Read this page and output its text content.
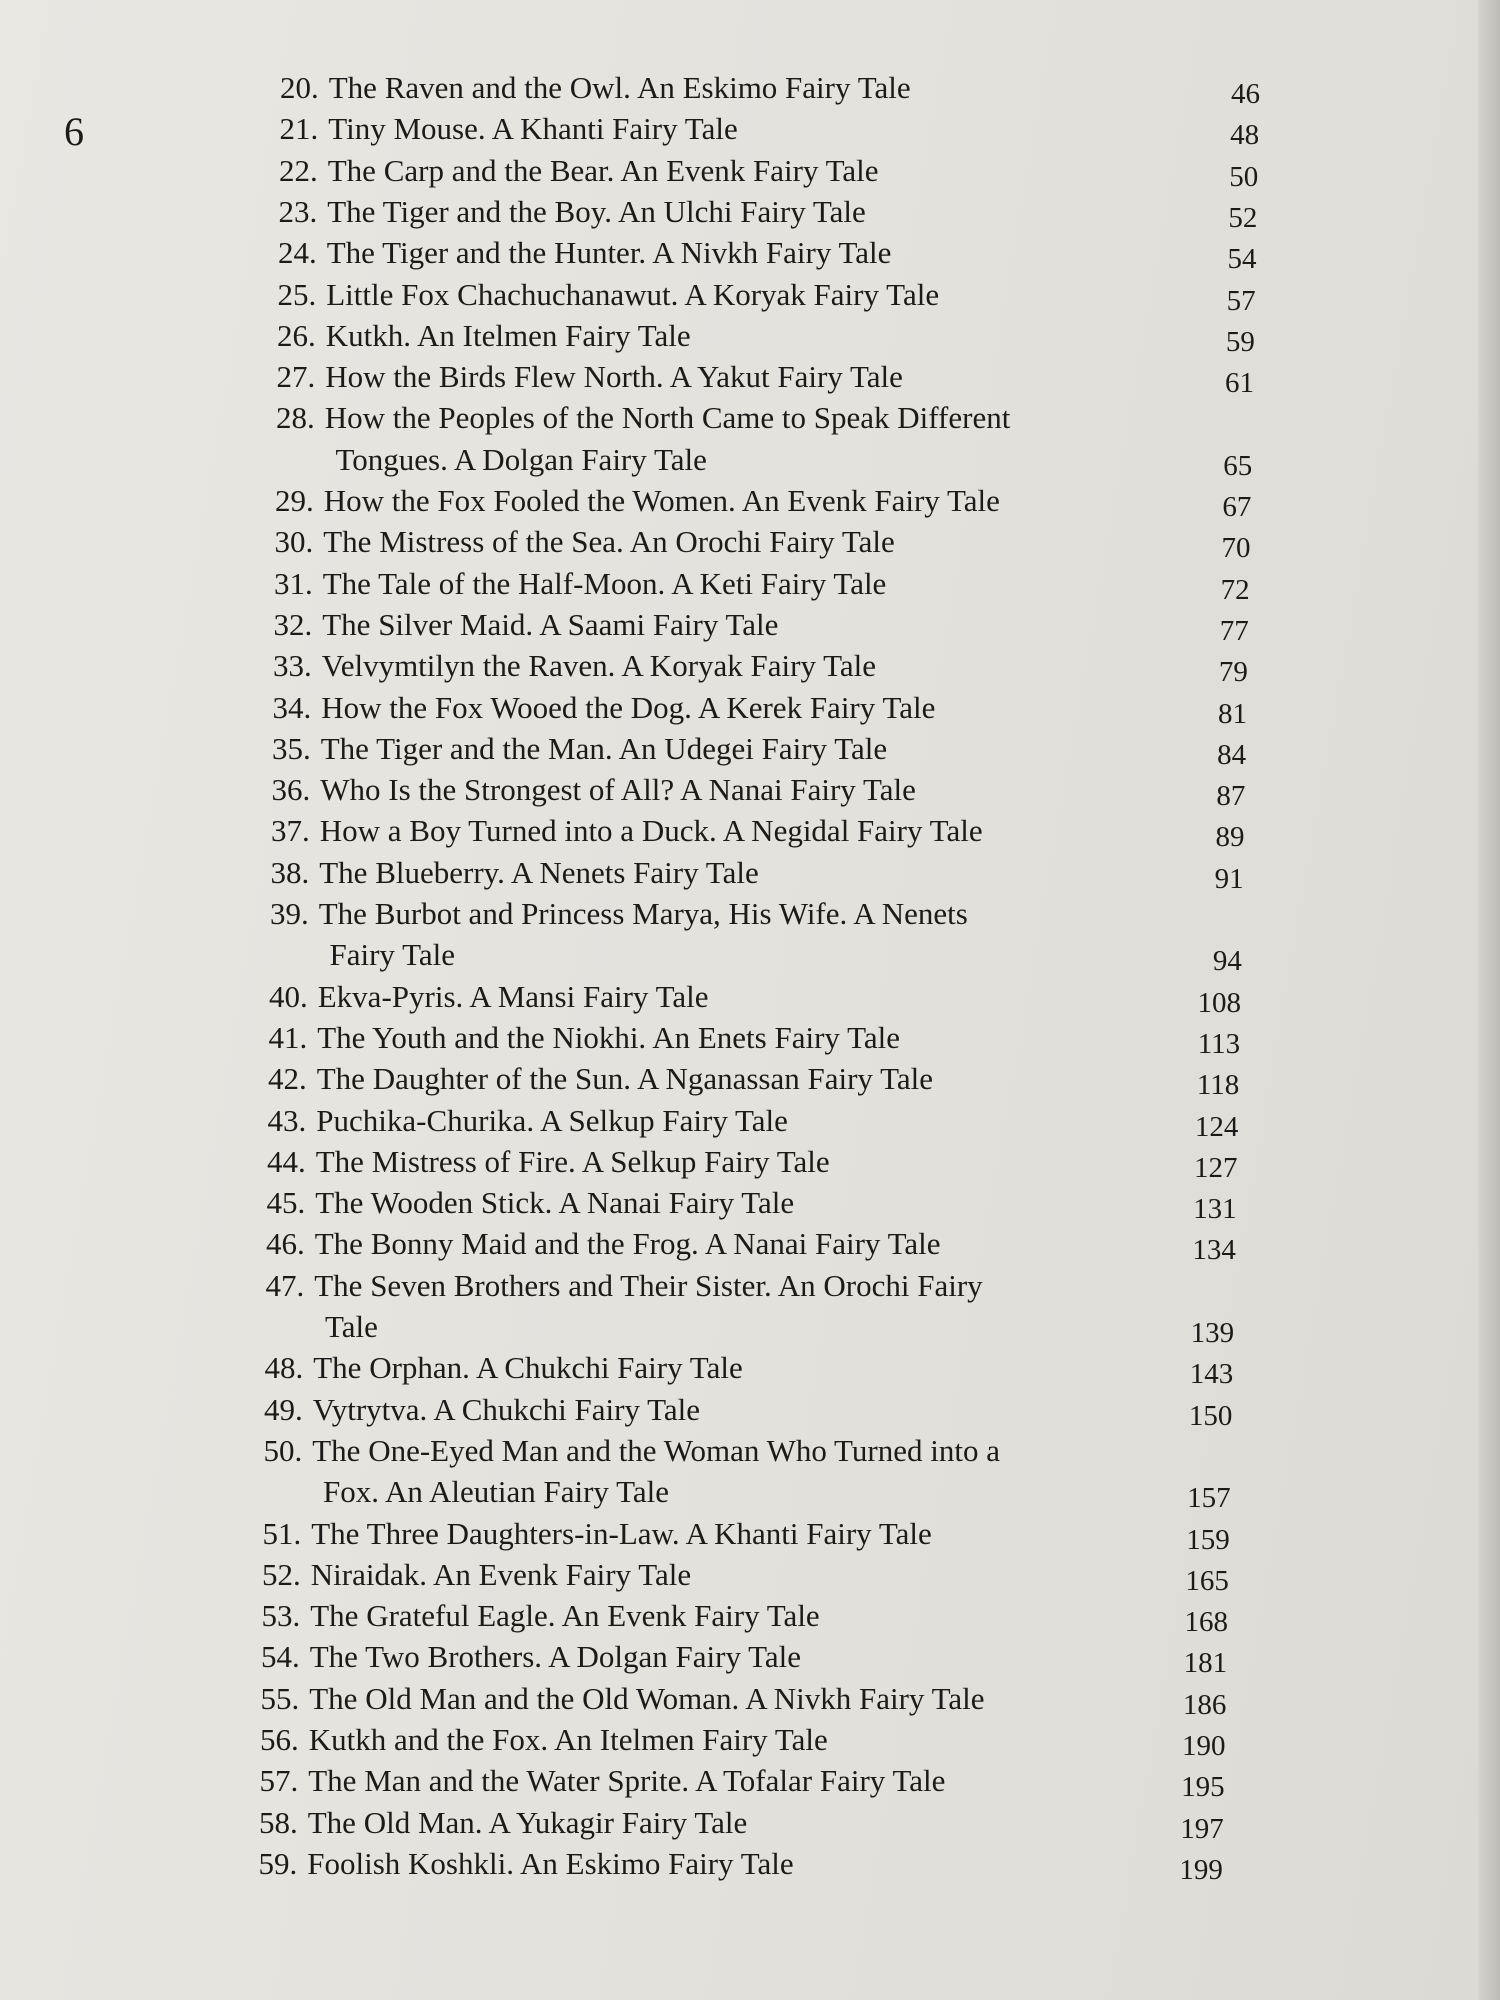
6
20. The Raven and the Owl. An Eskimo Fairy Tale	46
21. Tiny Mouse. A Khanti Fairy Tale	48
22. The Carp and the Bear. An Evenk Fairy Tale	50
23. The Tiger and the Boy. An Ulchi Fairy Tale	52
24. The Tiger and the Hunter. A Nivkh Fairy Tale	54
25. Little Fox Chachuchanawut. A Koryak Fairy Tale	57
26. Kutkh. An Itelmen Fairy Tale	59
27. How the Birds Flew North. A Yakut Fairy Tale	61
28. How the Peoples of the North Came to Speak Different
Tongues. A Dolgan Fairy Tale	65
29. How the Fox Fooled the Women. An Evenk Fairy Tale	67
30. The Mistress of the Sea. An Orochi Fairy Tale	70
31. The Tale of the Half-Moon. A Keti Fairy Tale	72
32. The Silver Maid. A Saami Fairy Tale	77
33. Velvymtilyn the Raven. A Koryak Fairy Tale	79
34. How the Fox Wooed the Dog. A Kerek Fairy Tale	81
35. The Tiger and the Man. An Udegei Fairy Tale	84
36. Who Is the Strongest of All? A Nanai Fairy Tale	87
37. How a Boy Turned into a Duck. A Negidal Fairy Tale	89
38. The Blueberry. A Nenets Fairy Tale	91
39. The Burbot and Princess Marya, His Wife. A Nenets
Fairy Tale	94
40. Ekva-Pyris. A Mansi Fairy Tale	108
41. The Youth and the Niokhi. An Enets Fairy Tale	113
42. The Daughter of the Sun. A Nganassan Fairy Tale	118
43. Puchika-Churika. A Selkup Fairy Tale	124
44. The Mistress of Fire. A Selkup Fairy Tale	127
45. The Wooden Stick. A Nanai Fairy Tale	131
46. The Bonny Maid and the Frog. A Nanai Fairy Tale	134
47. The Seven Brothers and Their Sister. An Orochi Fairy
Tale	139
48. The Orphan. A Chukchi Fairy Tale	143
49. Vytrytva. A Chukchi Fairy Tale	150
50. The One-Eyed Man and the Woman Who Turned into a
Fox. An Aleutian Fairy Tale	157
51. The Three Daughters-in-Law. A Khanti Fairy Tale	159
52. Niraidak. An Evenk Fairy Tale	165
53. The Grateful Eagle. An Evenk Fairy Tale	168
54. The Two Brothers. A Dolgan Fairy Tale	181
55. The Old Man and the Old Woman. A Nivkh Fairy Tale	186
56. Kutkh and the Fox. An Itelmen Fairy Tale	190
57. The Man and the Water Sprite. A Tofalar Fairy Tale	195
58. The Old Man. A Yukagir Fairy Tale	197
59. Foolish Koshkli. An Eskimo Fairy Tale	199
